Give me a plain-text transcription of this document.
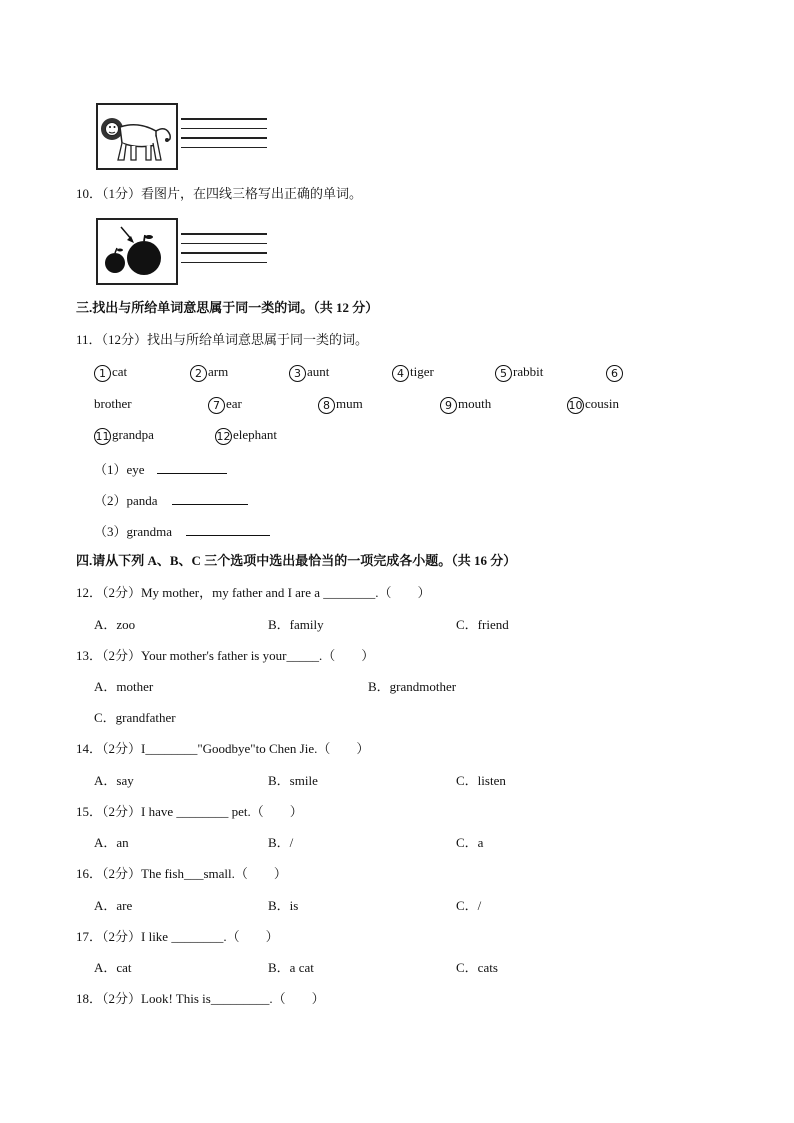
10．（1分）看图片，在四线三格写出正确的单词。
三.找出与所给单词意思属于同一类的词。（共 12 分）
11．（12分）找出与所给单词意思属于同一类的词。
1 cat	2 arm	3 aunt	4 tiger	5 rabbit	6
brother	7 ear	8 mum	9 mouth	10 cousin
11 grandpa	12 elephant
（1）eye
（2）panda
（3）grandma
四.请从下列 A、B、C 三个选项中选出最恰当的一项完成各小题。（共 16 分）
12．（2分）My mother，my father and I are a ________.（　　）
A．zoo	B．family	C．friend
13．（2分）Your mother's father is your_____.（　　）
A．mother	B．grandmother
C．grandfather
14．（2分）I________"Goodbye"to Chen Jie.（　　）
A．say	B．smile	C．listen
15．（2分）I have ________ pet.（　　）
A．an	B．/	C．a
16．（2分）The fish___small.（　　）
A．are	B．is	C．/
17．（2分）I like ________.（　　）
A．cat	B．a cat	C．cats
18．（2分）Look! This is_________.（　　）
